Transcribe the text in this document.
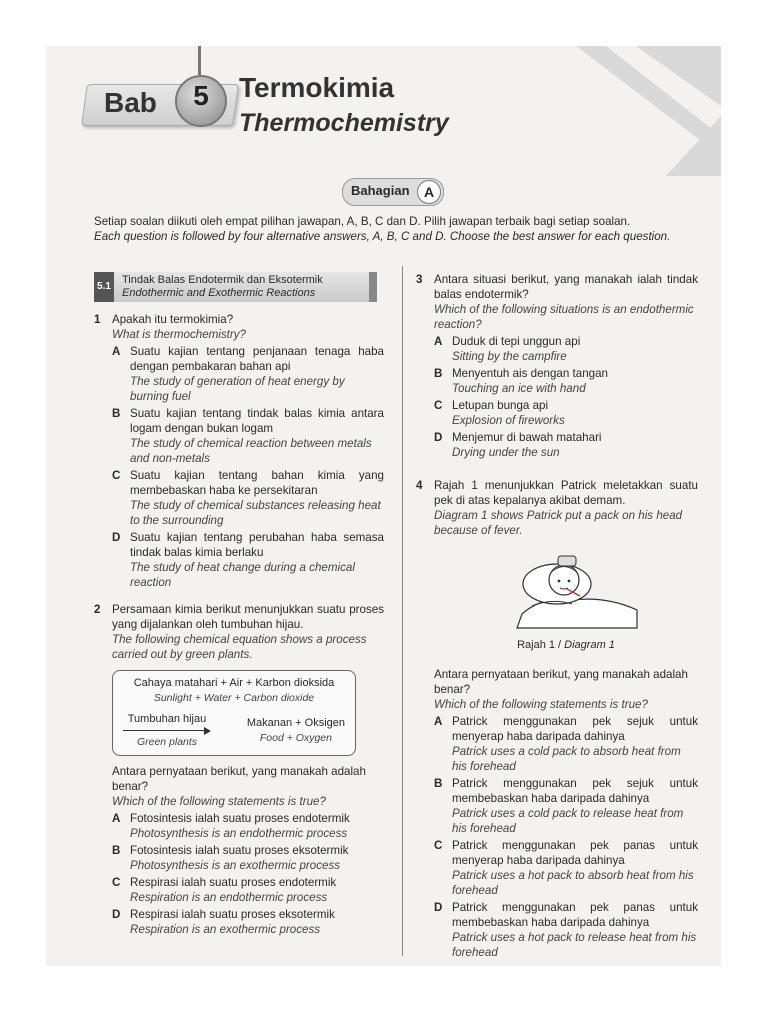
Bab	5	Termokimia
Thermochemistry
Bahagian	A
Setiap soalan diikuti oleh empat pilihan jawapan, A, B, C dan D. Pilih jawapan terbaik bagi setiap soalan.
Each question is followed by four alternative answers, A, B, C and D. Choose the best answer for each question.
5.1
Tindak Balas Endotermik dan Eksotermik
Endothermic and Exothermic Reactions
1 Apakah itu termokimia?
What is thermochemistry?
A Suatu kajian tentang penjanaan tenaga haba dengan pembakaran bahan api
The study of generation of heat energy by burning fuel
B Suatu kajian tentang tindak balas kimia antara logam dengan bukan logam
The study of chemical reaction between metals and non-metals
C Suatu kajian tentang bahan kimia yang membebaskan haba ke persekitaran
The study of chemical substances releasing heat to the surrounding
D Suatu kajian tentang perubahan haba semasa tindak balas kimia berlaku
The study of heat change during a chemical reaction
2 Persamaan kimia berikut menunjukkan suatu proses yang dijalankan oleh tumbuhan hijau.
The following chemical equation shows a process carried out by green plants.
Cahaya matahari + Air + Karbon dioksida
Sunlight + Water + Carbon dioxide
Tumbuhan hijau
Green plants
Makanan + Oksigen
Food + Oxygen
Antara pernyataan berikut, yang manakah adalah benar?
Which of the following statements is true?
A Fotosintesis ialah suatu proses endotermik
Photosynthesis is an endothermic process
B Fotosintesis ialah suatu proses eksotermik
Photosynthesis is an exothermic process
C Respirasi ialah suatu proses endotermik
Respiration is an endothermic process
D Respirasi ialah suatu proses eksotermik
Respiration is an exothermic process
3 Antara situasi berikut, yang manakah ialah tindak balas endotermik?
Which of the following situations is an endothermic reaction?
A Duduk di tepi unggun api
Sitting by the campfire
B Menyentuh ais dengan tangan
Touching an ice with hand
C Letupan bunga api
Explosion of fireworks
D Menjemur di bawah matahari
Drying under the sun
4 Rajah 1 menunjukkan Patrick meletakkan suatu pek di atas kepalanya akibat demam.
Diagram 1 shows Patrick put a pack on his head because of fever.
Rajah 1 / Diagram 1
Antara pernyataan berikut, yang manakah adalah benar?
Which of the following statements is true?
A Patrick menggunakan pek sejuk untuk menyerap haba daripada dahinya
Patrick uses a cold pack to absorb heat from his forehead
B Patrick menggunakan pek sejuk untuk membebaskan haba daripada dahinya
Patrick uses a cold pack to release heat from his forehead
C Patrick menggunakan pek panas untuk menyerap haba daripada dahinya
Patrick uses a hot pack to absorb heat from his forehead
D Patrick menggunakan pek panas untuk membebaskan haba daripada dahinya
Patrick uses a hot pack to release heat from his forehead
